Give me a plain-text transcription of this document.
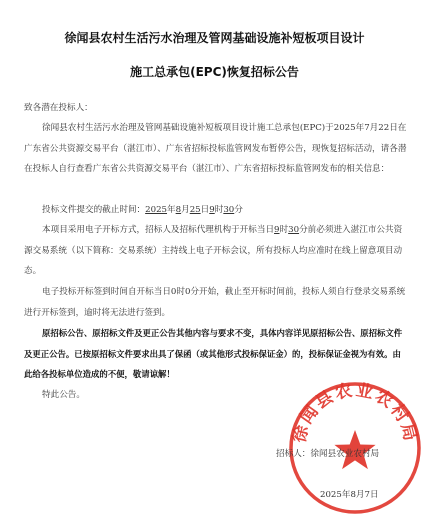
徐闻县农村生活污水治理及管网基础设施补短板项目设计
施工总承包(EPC)恢复招标公告
致各潜在投标人：
徐闻县农村生活污水治理及管网基础设施补短板项目设计施工总承包(EPC)于2025年7月22日在广东省公共资源交易平台（湛江市）、广东省招标投标监管网发布暂停公告，现恢复招标活动，请各潜在投标人自行查看广东省公共资源交易平台（湛江市）、广东省招标投标监管网发布的相关信息：
投标文件提交的截止时间：2025年8月25日9时30分
本项目采用电子开标方式，招标人及招标代理机构于开标当日9时30分前必须进入湛江市公共资源交易系统（以下简称：交易系统）主持线上电子开标会议，所有投标人均应准时在线上留意项目动态。
电子投标开标签到时间自开标当日0时0分开始，截止至开标时间前，投标人须自行登录交易系统进行开标签到，逾时将无法进行签到。
原招标公告、原招标文件及更正公告其他内容与要求不变，具体内容详见原招标公告、原招标文件及更正公告。已按原招标文件要求出具了保函（或其他形式投标保证金）的，投标保证金视为有效。由此给各投标单位造成的不便，敬请谅解！
特此公告。
徐闻县农业农村局
招标人：徐闻县农业农村局
2025年8月7日
